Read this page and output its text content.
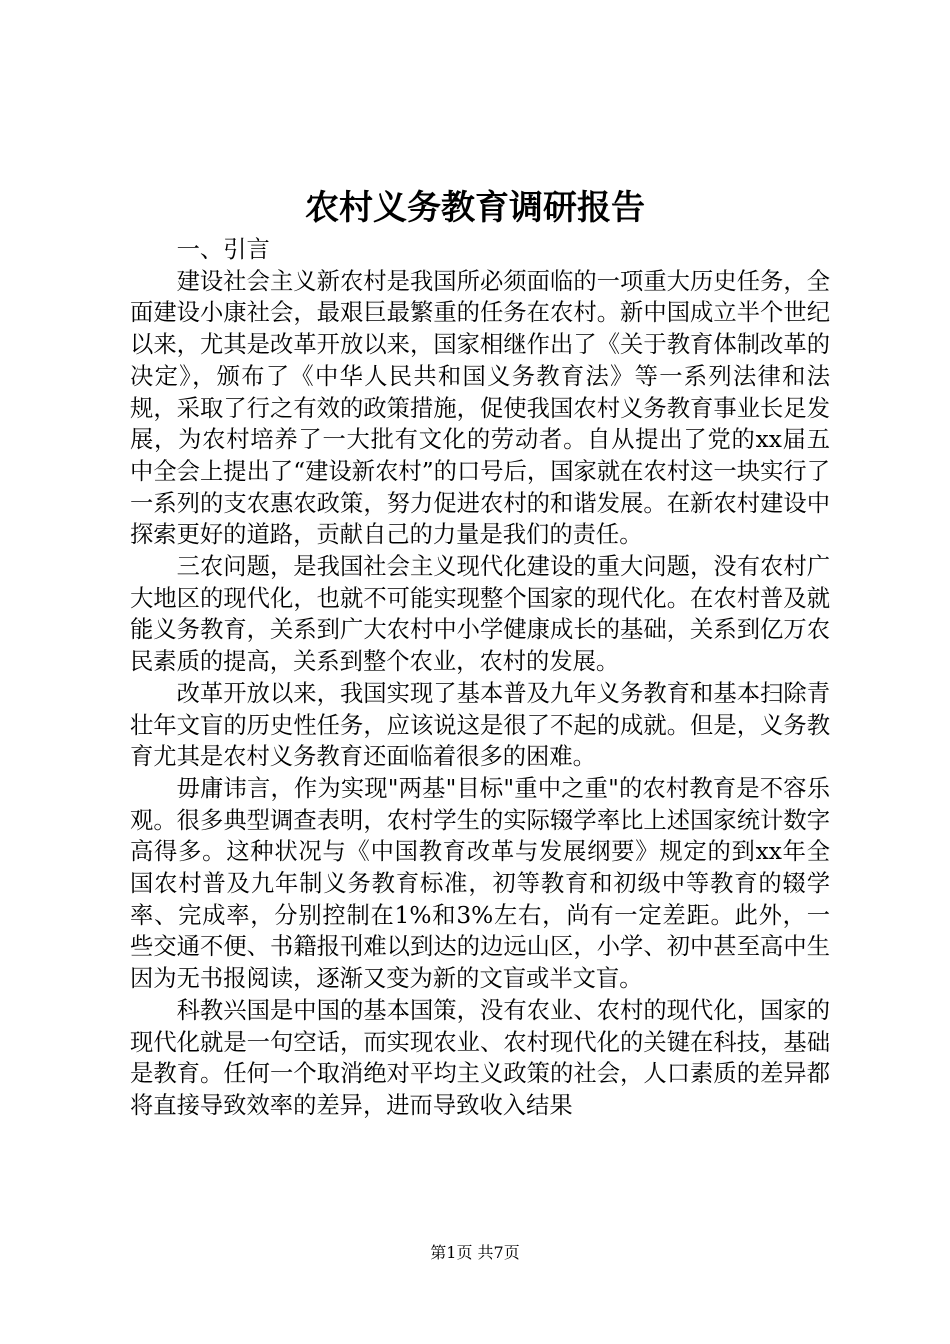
农村义务教育调研报告

一、引言

建设社会主义新农村是我国所必须面临的一项重大历史任务，全面建设小康社会，最艰巨最繁重的任务在农村。新中国成立半个世纪以来，尤其是改革开放以来，国家相继作出了《关于教育体制改革的决定》，颁布了《中华人民共和国义务教育法》等一系列法律和法规，采取了行之有效的政策措施，促使我国农村义务教育事业长足发展，为农村培养了一大批有文化的劳动者。自从提出了党的xx届五中全会上提出了“建设新农村”的口号后，国家就在农村这一块实行了一系列的支农惠农政策，努力促进农村的和谐发展。在新农村建设中探索更好的道路，贡献自己的力量是我们的责任。

三农问题，是我国社会主义现代化建设的重大问题，没有农村广大地区的现代化，也就不可能实现整个国家的现代化。在农村普及就能义务教育，关系到广大农村中小学健康成长的基础，关系到亿万农民素质的提高，关系到整个农业，农村的发展。

改革开放以来，我国实现了基本普及九年义务教育和基本扫除青壮年文盲的历史性任务，应该说这是很了不起的成就。但是，义务教育尤其是农村义务教育还面临着很多的困难。

毋庸讳言，作为实现"两基"目标"重中之重"的农村教育是不容乐观。很多典型调查表明，农村学生的实际辍学率比上述国家统计数字高得多。这种状况与《中国教育改革与发展纲要》规定的到xx年全国农村普及九年制义务教育标准，初等教育和初级中等教育的辍学率、完成率，分别控制在1%和3%左右，尚有一定差距。此外，一些交通不便、书籍报刊难以到达的边远山区，小学、初中甚至高中生因为无书报阅读，逐渐又变为新的文盲或半文盲。

科教兴国是中国的基本国策，没有农业、农村的现代化，国家的现代化就是一句空话，而实现农业、农村现代化的关键在科技，基础是教育。任何一个取消绝对平均主义政策的社会，人口素质的差异都将直接导致效率的差异，进而导致收入结果

第1页 共7页
